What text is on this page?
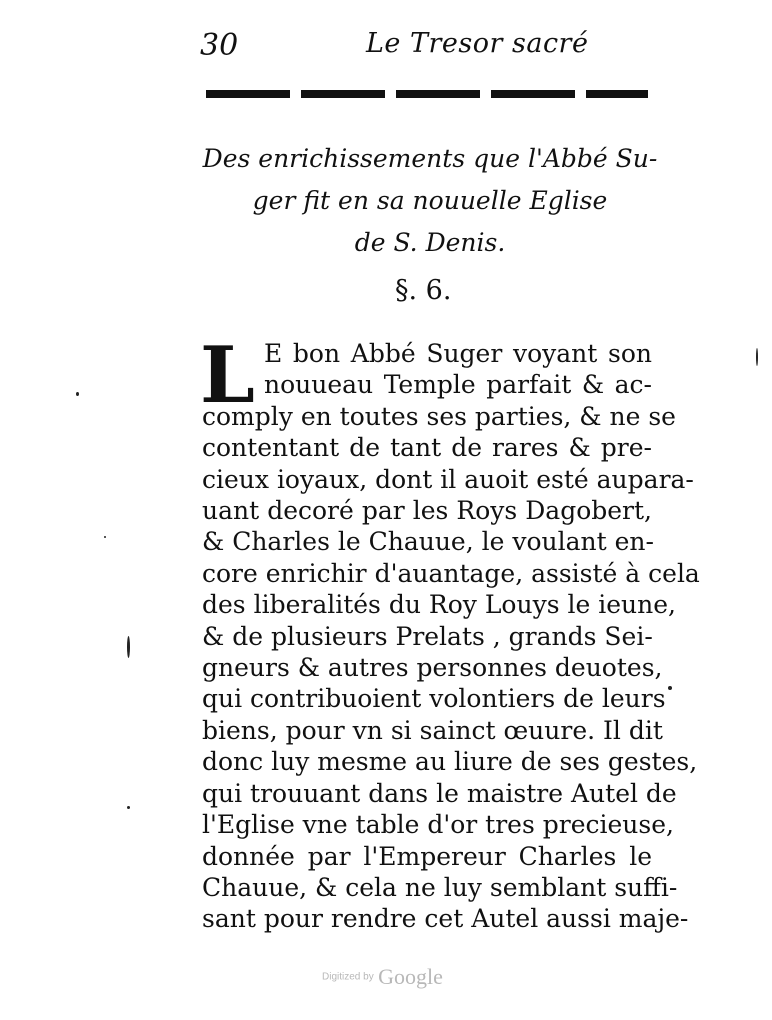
30	Le Tresor sacré
Des enrichissements que l'Abbé Su-
ger fit en sa nouuelle Eglise
de S. Denis.
§. 6.
L E bon Abbé Suger voyant son
nouueau Temple parfait & ac-
comply en toutes ses parties, & ne se
contentant de tant de rares & pre-
cieux ioyaux, dont il auoit esté aupara-
uant decoré par les Roys Dagobert,
& Charles le Chauue, le voulant en-
core enrichir d'auantage, assisté à cela
des liberalités du Roy Louys le ieune,
& de plusieurs Prelats , grands Sei-
gneurs & autres personnes deuotes,
qui contribuoient volontiers de leurs
biens, pour vn si sainct œuure. Il dit
donc luy mesme au liure de ses gestes,
qui trouuant dans le maistre Autel de
l'Eglise vne table d'or tres precieuse,
donnée par l'Empereur Charles le
Chauue, & cela ne luy semblant suffi-
sant pour rendre cet Autel aussi maje-
Digitized by Google
